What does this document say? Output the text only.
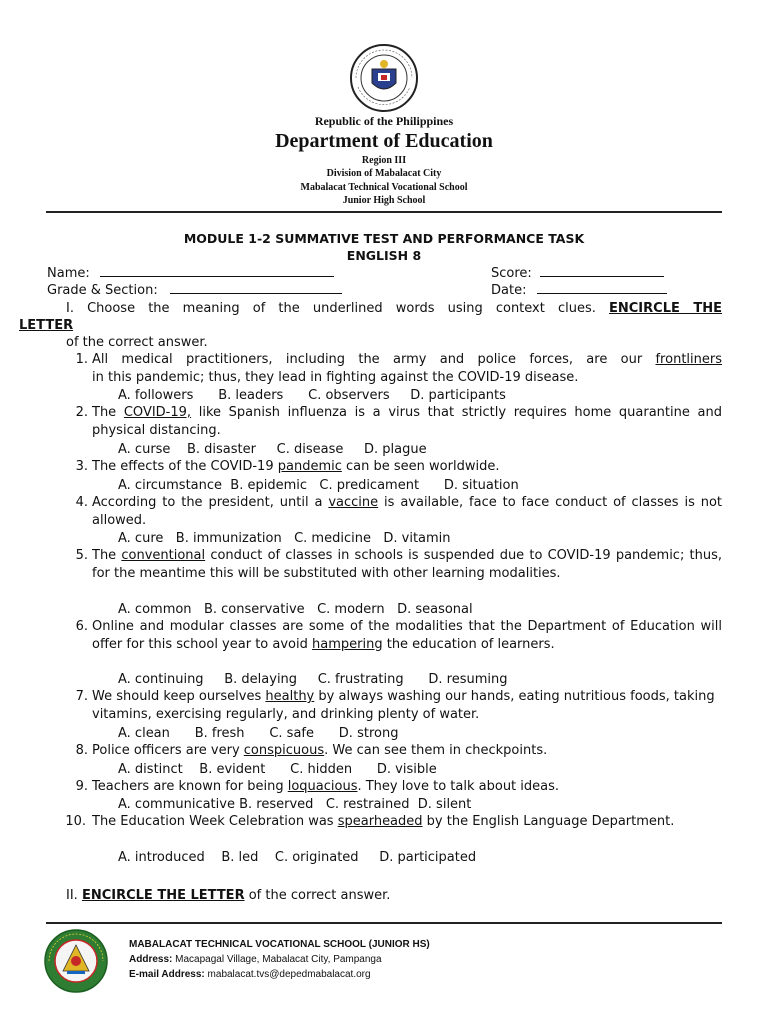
Republic of the Philippines
Department of Education
Region III
Division of Mabalacat City
Mabalacat Technical Vocational School
Junior High School
MODULE 1-2 SUMMATIVE TEST AND PERFORMANCE TASK
ENGLISH 8
Name:	Score:
Grade & Section:	Date:
I. Choose the meaning of the underlined words using context clues. ENCIRCLE THE
LETTER
of the correct answer.
1. All medical practitioners, including the army and police forces, are our frontliners
in this pandemic; thus, they lead in fighting against the COVID-19 disease.
A. followers B. leaders C. observers D. participants
2. The COVID-19, like Spanish influenza is a virus that strictly requires home quarantine and physical distancing.
A. curse B. disaster C. disease D. plague
3. The effects of the COVID-19 pandemic can be seen worldwide.
A. circumstance B. epidemic C. predicament D. situation
4. According to the president, until a vaccine is available, face to face conduct of classes is not allowed.
A. cure B. immunization C. medicine D. vitamin
5. The conventional conduct of classes in schools is suspended due to COVID-19 pandemic; thus, for the meantime this will be substituted with other learning modalities.
A. common B. conservative C. modern D. seasonal
6. Online and modular classes are some of the modalities that the Department of Education will offer for this school year to avoid hampering the education of learners.
A. continuing B. delaying C. frustrating D. resuming
7. We should keep ourselves healthy by always washing our hands, eating nutritious foods, taking vitamins, exercising regularly, and drinking plenty of water.
A. clean B. fresh C. safe D. strong
8. Police officers are very conspicuous. We can see them in checkpoints.
A. distinct B. evident C. hidden D. visible
9. Teachers are known for being loquacious. They love to talk about ideas.
A. communicative B. reserved C. restrained D. silent
10. The Education Week Celebration was spearheaded by the English Language Department.
A. introduced B. led C. originated D. participated
II. ENCIRCLE THE LETTER of the correct answer.
MABALACAT TECHNICAL VOCATIONAL SCHOOL (JUNIOR HS)
Address: Macapagal Village, Mabalacat City, Pampanga
E-mail Address: mabalacat.tvs@depedmabalacat.org
